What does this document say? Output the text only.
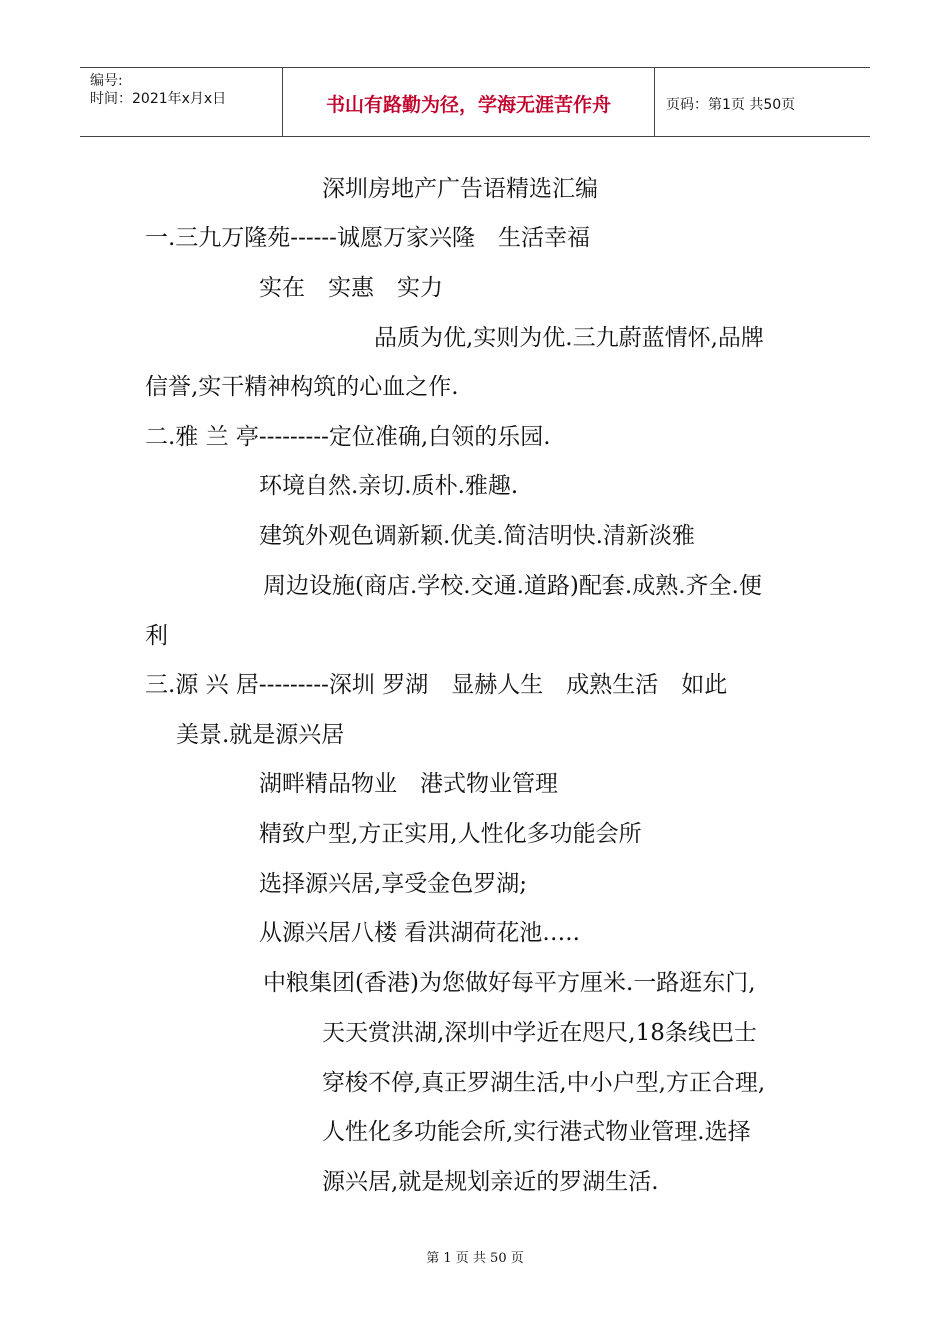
编号:
时间：2021年x月x日	书山有路勤为径，学海无涯苦作舟	页码：第1页 共50页
深圳房地产广告语精选汇编
一.三九万隆苑------诚愿万家兴隆　生活幸福
实在　实惠　实力
品质为优,实则为优.三九蔚蓝情怀,品牌
信誉,实干精神构筑的心血之作.
二.雅 兰 亭---------定位准确,白领的乐园.
环境自然.亲切.质朴.雅趣.
建筑外观色调新颖.优美.简洁明快.清新淡雅
周边设施(商店.学校.交通.道路)配套.成熟.齐全.便
利
三.源 兴 居---------深圳 罗湖　显赫人生　成熟生活　如此
美景.就是源兴居
湖畔精品物业　港式物业管理
精致户型,方正实用,人性化多功能会所
选择源兴居,享受金色罗湖;
从源兴居八楼 看洪湖荷花池…..
中粮集团(香港)为您做好每平方厘米.一路逛东门,
天天赏洪湖,深圳中学近在咫尺,18条线巴士
穿梭不停,真正罗湖生活,中小户型,方正合理,
人性化多功能会所,实行港式物业管理.选择
源兴居,就是规划亲近的罗湖生活.
第 1 页 共 50 页
